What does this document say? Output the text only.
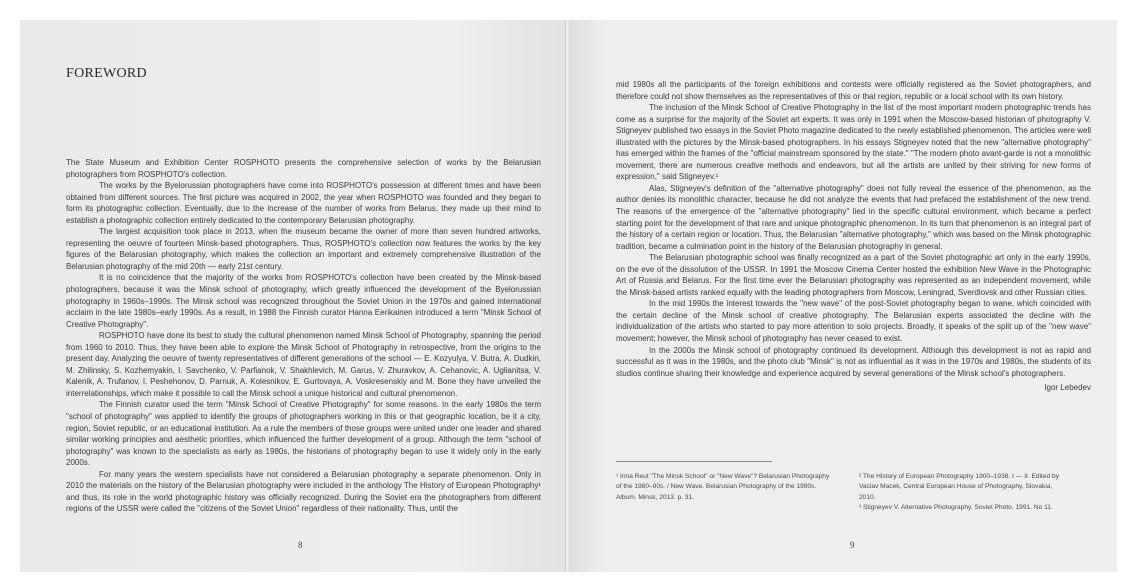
FOREWORD

The State Museum and Exhibition Center ROSPHOTO presents the comprehensive selection of works by the Belarusian photographers from ROSPHOTO's collection.

The works by the Byelorussian photographers have come into ROSPHOTO's possession at different times and have been obtained from different sources. The first picture was acquired in 2002, the year when ROSPHOTO was founded and they began to form its photographic collection. Eventually, due to the increase of the number of works from Belarus, they made up their mind to establish a photographic collection entirely dedicated to the contemporary Belarusian photography.

The largest acquisition took place in 2013, when the museum became the owner of more than seven hundred artworks, representing the oeuvre of fourteen Minsk-based photographers. Thus, ROSPHOTO's collection now features the works by the key figures of the Belarusian photography, which makes the collection an important and extremely comprehensive illustration of the Belarusian photography of the mid 20th — early 21st century.

It is no coincidence that the majority of the works from ROSPHOTO's collection have been created by the Minsk-based photographers, because it was the Minsk school of photography, which greatly influenced the development of the Byelorussian photography in 1960s–1990s. The Minsk school was recognized throughout the Soviet Union in the 1970s and gained international acclaim in the late 1980s–early 1990s. As a result, in 1988 the Finnish curator Hanna Eerikainen introduced a term "Minsk School of Creative Photography".

ROSPHOTO have done its best to study the cultural phenomenon named Minsk School of Photography, spanning the period from 1960 to 2010. Thus, they have been able to explore the Minsk School of Photography in retrospective, from the origins to the present day. Analyzing the oeuvre of twenty representatives of different generations of the school — E. Kozyulya, V. Butra, A. Dudkin, M. Zhilinsky, S. Kozhemyakin, I. Savchenko, V. Parfianok, V. Shakhlevich, M. Garus, V. Zhuravkov, A. Cehanovic, A. Uglianitsa, V. Kalenik, A. Trufanov, I. Peshehonov, D. Parnuk, A. Kolesnikov, E. Gurtovaya, A. Voskresenskiy and M. Bone they have unveiled the interrelationships, which make it possible to call the Minsk school a unique historical and cultural phenomenon.

The Finnish curator used the term "Minsk School of Creative Photography" for some reasons. In the early 1980s the term "school of photography" was applied to identify the groups of photographers working in this or that geographic location, be it a city, region, Soviet republic, or an educational institution. As a rule the members of those groups were united under one leader and shared similar working principles and aesthetic priorities, which influenced the further development of a group. Although the term "school of photography" was known to the specialists as early as 1980s, the historians of photography began to use it widely only in the early 2000s.

For many years the western specialists have not considered a Belarusian photography a separate phenomenon. Only in 2010 the materials on the history of the Belarusian photography were included in the anthology The History of European Photography¹ and thus, its role in the world photographic history was officially recognized. During the Soviet era the photographers from different regions of the USSR were called the "citizens of the Soviet Union" regardless of their nationality. Thus, until the

8

mid 1980s all the participants of the foreign exhibitions and contests were officially registered as the Soviet photographers, and therefore could not show themselves as the representatives of this or that region, republic or a local school with its own history.

The inclusion of the Minsk School of Creative Photography in the list of the most important modern photographic trends has come as a surprise for the majority of the Soviet art experts. It was only in 1991 when the Moscow-based historian of photography V. Stigneyev published two essays in the Soviet Photo magazine dedicated to the newly established phenomenon. The articles were well illustrated with the pictures by the Minsk-based photographers. In his essays Stigneyev noted that the new "alternative photography" has emerged within the frames of the "official mainstream sponsored by the state." "The modern photo avant-garde is not a monolithic movement, there are numerous creative methods and endeavors, but all the artists are united by their striving for new forms of expression," said Stigneyev.¹

Alas, Stigneyev's definition of the "alternative photography" does not fully reveal the essence of the phenomenon, as the author denies its monolithic character, because he did not analyze the events that had prefaced the establishment of the new trend. The reasons of the emergence of the "alternative photography" lied in the specific cultural environment, which became a perfect starting point for the development of that rare and unique photographic phenomenon. In its turn that phenomenon is an integral part of the history of a certain region or location. Thus, the Belarusian "alternative photography," which was based on the Minsk photographic tradition, became a culmination point in the history of the Belarusian photography in general.

The Belarusian photographic school was finally recognized as a part of the Soviet photographic art only in the early 1990s, on the eve of the dissolution of the USSR. In 1991 the Moscow Cinema Center hosted the exhibition New Wave in the Photographic Art of Russia and Belarus. For the first time ever the Belarusian photography was represented as an independent movement, while the Minsk-based artists ranked equally with the leading photographers from Moscow, Leningrad, Sverdlovsk and other Russian cities.

In the mid 1990s the interest towards the "new wave" of the post-Soviet photography began to wane, which coincided with the certain decline of the Minsk school of creative photography. The Belarusian experts associated the decline with the individualization of the artists who started to pay more attention to solo projects. Broadly, it speaks of the split up of the "new wave" movement; however, the Minsk school of photography has never ceased to exist.

In the 2000s the Minsk school of photography continued its development. Although this development is not as rapid and successful as it was in the 1980s, and the photo club "Minsk" is not as influential as it was in the 1970s and 1980s, the students of its studios continue sharing their knowledge and experience acquired by several generations of the Minsk school's photographers.

Igor Lebedev

¹ Inna Reut "The Minsk School" or "New Wave"? Belarusian Photography of the 1980–90s. / New Wave. Belarusian Photography of the 1990s. Album. Minsk, 2013. p. 31.

² The History of European Photography 1900–1938. I — II. Edited by Vaclav Macek, Central European House of Photography, Slovakia, 2010.

³ Stigneyev V. Alternative Photography. Soviet Photo. 1991. No 11.

9
